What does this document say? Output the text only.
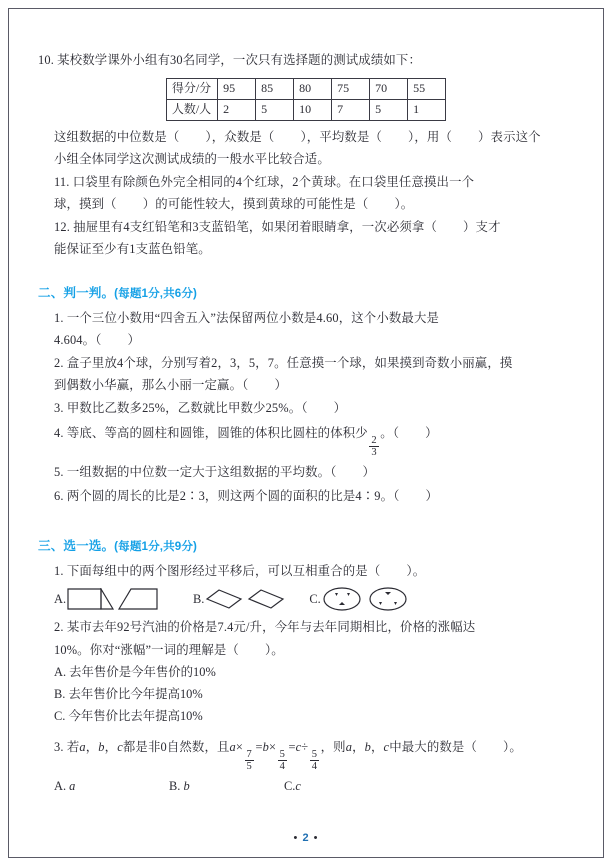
10. 某校数学课外小组有30名同学，一次只有选择题的测试成绩如下：

得分/分	95	85	80	75	70	55
人数/人	2	5	10	7	5	1

这组数据的中位数是（ ），众数是（ ），平均数是（ ），用（ ）表示这个

小组全体同学这次测试成绩的一般水平比较合适。

11. 口袋里有除颜色外完全相同的4个红球，2个黄球。在口袋里任意摸出一个

球，摸到（ ）的可能性较大，摸到黄球的可能性是（ ）。

12. 抽屉里有4支红铅笔和3支蓝铅笔，如果闭着眼睛拿，一次必须拿（ ）支才

能保证至少有1支蓝色铅笔。

二、判一判。(每题1分,共6分)

1. 一个三位小数用“四舍五入”法保留两位小数是4.60，这个小数最大是

4.604。（ ）

2. 盒子里放4个球，分别写着2，3，5，7。任意摸一个球，如果摸到奇数小丽赢，摸

到偶数小华赢，那么小丽一定赢。（ ）

3. 甲数比乙数多25%，乙数就比甲数少25%。（ ）

4. 等底、等高的圆柱和圆锥，圆锥的体积比圆柱的体积少
$\frac{2}{3}$
。（ ）

5. 一组数据的中位数一定大于这组数据的平均数。（ ）

6. 两个圆的周长的比是2∶3，则这两个圆的面积的比是4∶9。（ ）

三、选一选。(每题1分,共9分)

1. 下面每组中的两个图形经过平移后，可以互相重合的是（ ）。

A.	B.	C.

2. 某市去年92号汽油的价格是7.4元/升，今年与去年同期相比，价格的涨幅达

10%。你对“涨幅”一词的理解是（ ）。

A. 去年售价是今年售价的10%

B. 去年售价比今年提高10%

C. 今年售价比去年提高10%

3. 若a，b，c都是非0自然数，且a×
$\frac{7}{5}$
=b×
$\frac{5}{4}$
=c÷
$\frac{5}{4}$
，则a，b，c中最大的数是（ ）。

A. a	B. b	C.c
• 2 •
